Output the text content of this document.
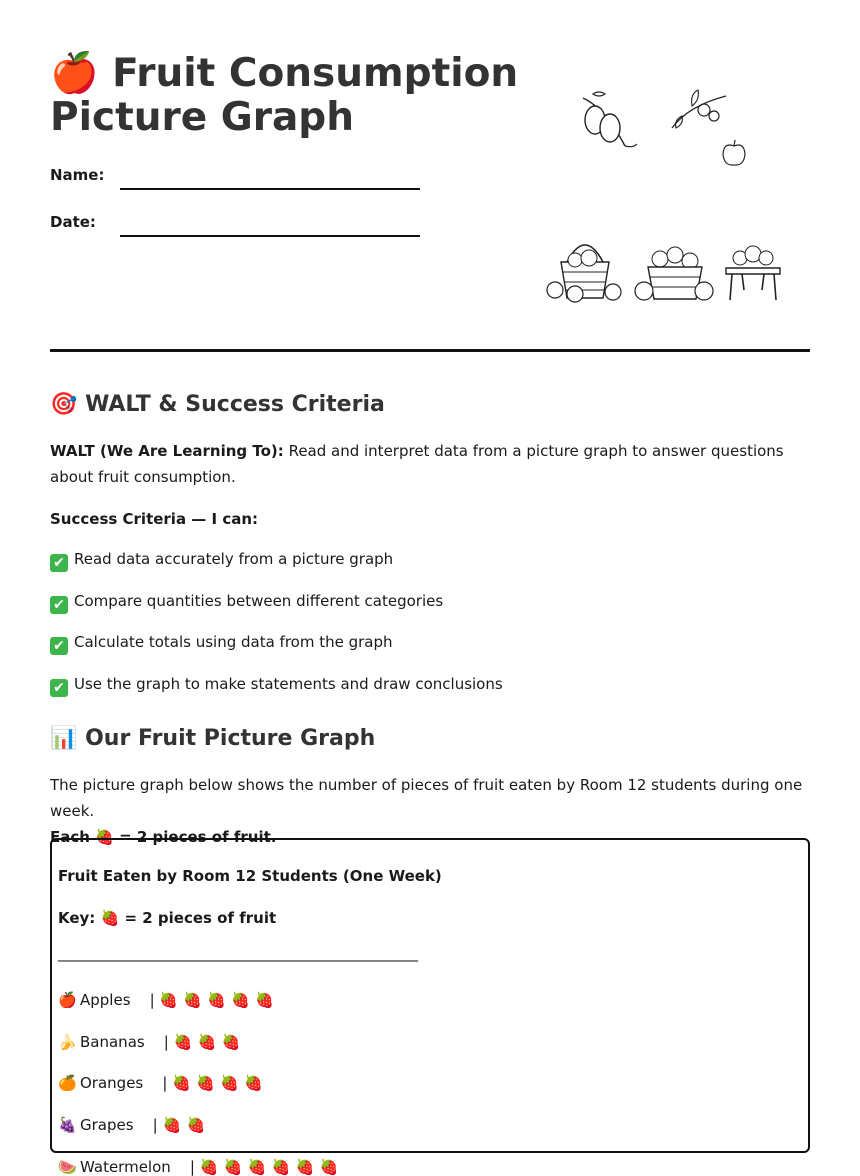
🍎 Fruit Consumption Picture Graph
Name:
Date:
🎯 WALT & Success Criteria

WALT (We Are Learning To): Read and interpret data from a picture graph to answer questions about fruit consumption.

Success Criteria — I can:
✔ Read data accurately from a picture graph
✔ Compare quantities between different categories
✔ Calculate totals using data from the graph
✔ Use the graph to make statements and draw conclusions
📊 Our Fruit Picture Graph

The picture graph below shows the number of pieces of fruit eaten by Room 12 students during one week.
Each 🍓 = 2 pieces of fruit.

Fruit Eaten by Room 12 Students (One Week)
Key: 🍓 = 2 pieces of fruit
________________________________________________
🍎 Apples    | 🍓 🍓 🍓 🍓 🍓
🍌 Bananas    | 🍓 🍓 🍓
🍊 Oranges    | 🍓 🍓 🍓 🍓
🍇 Grapes    | 🍓 🍓
🍉 Watermelon    | 🍓 🍓 🍓 🍓 🍓 🍓
